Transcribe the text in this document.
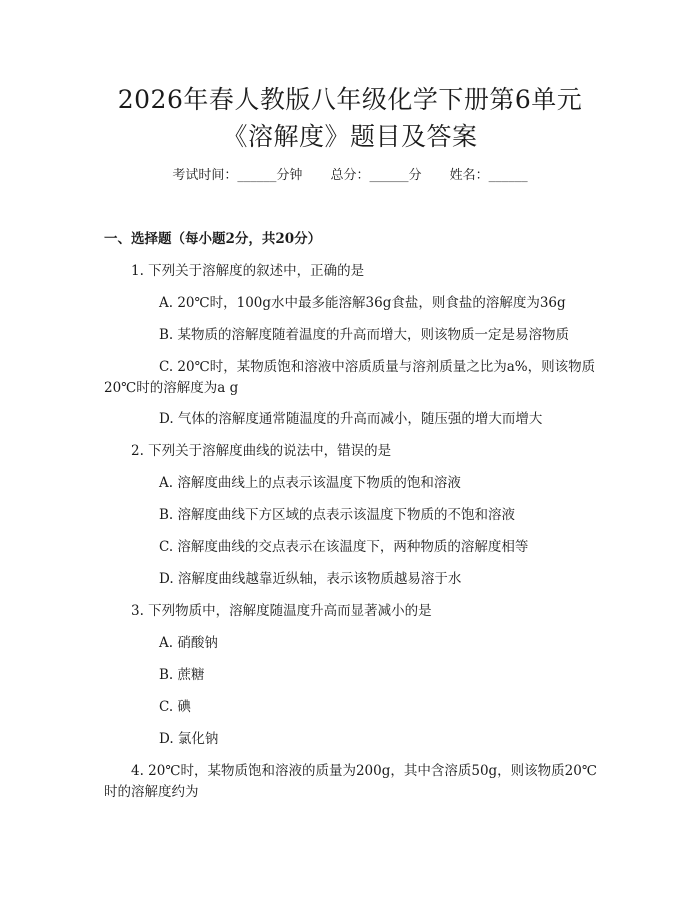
2026年春人教版八年级化学下册第6单元
《溶解度》题目及答案
考试时间：______分钟 总分：______分 姓名：______
一、选择题（每小题2分，共20分）

1. 下列关于溶解度的叙述中，正确的是

A. 20℃时，100g水中最多能溶解36g食盐，则食盐的溶解度为36g

B. 某物质的溶解度随着温度的升高而增大，则该物质一定是易溶物质

C. 20℃时，某物质饱和溶液中溶质质量与溶剂质量之比为a%，则该物质20℃时的溶解度为a g

D. 气体的溶解度通常随温度的升高而减小，随压强的增大而增大

2. 下列关于溶解度曲线的说法中，错误的是

A. 溶解度曲线上的点表示该温度下物质的饱和溶液

B. 溶解度曲线下方区域的点表示该温度下物质的不饱和溶液

C. 溶解度曲线的交点表示在该温度下，两种物质的溶解度相等

D. 溶解度曲线越靠近纵轴，表示该物质越易溶于水

3. 下列物质中，溶解度随温度升高而显著减小的是

A. 硝酸钠

B. 蔗糖

C. 碘

D. 氯化钠

4. 20℃时，某物质饱和溶液的质量为200g，其中含溶质50g，则该物质20℃时的溶解度约为
